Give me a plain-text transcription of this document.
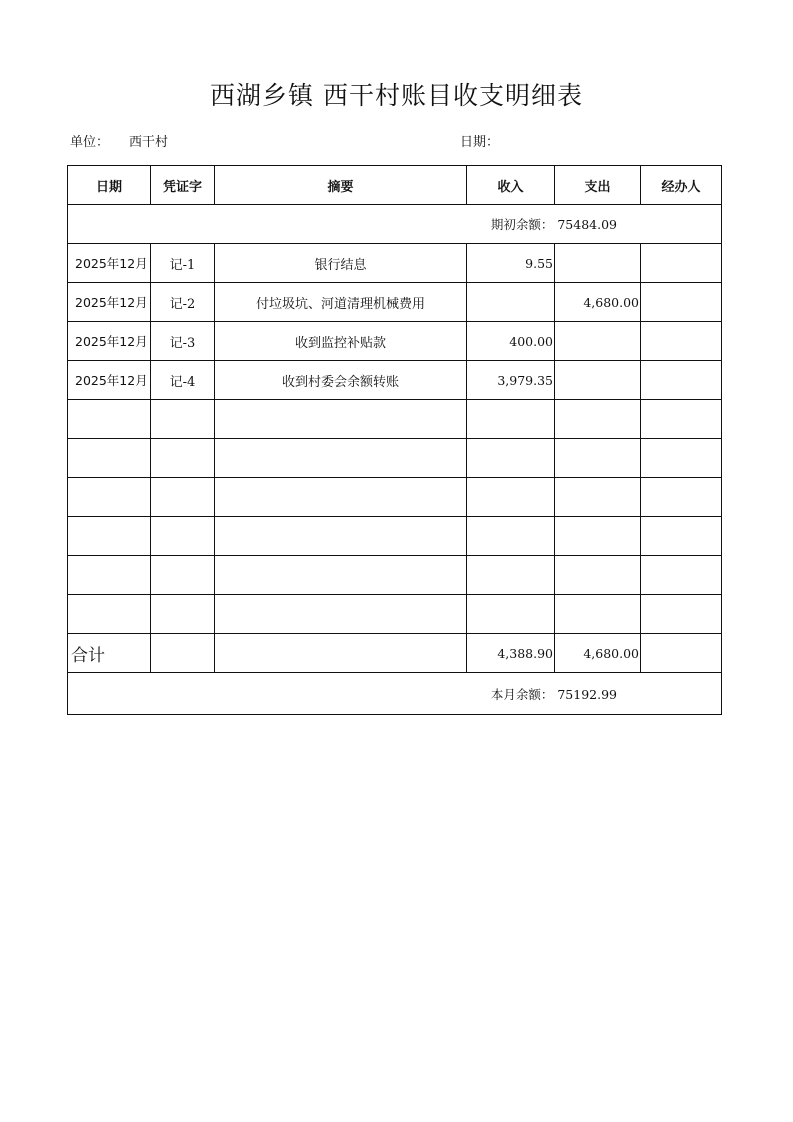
西湖乡镇 西干村账目收支明细表
单位： 西干村	日期：
日期	凭证字	摘要	收入	支出	经办人
期初余额： 75484.09					
2025年12月	记-1	银行结息	9.55		
2025年12月	记-2	付垃圾坑、河道清理机械费用		4,680.00	
2025年12月	记-3	收到监控补贴款	400.00		
2025年12月	记-4	收到村委会余额转账	3,979.35		

合计			4,388.90	4,680.00	
本月余额： 75192.99					
